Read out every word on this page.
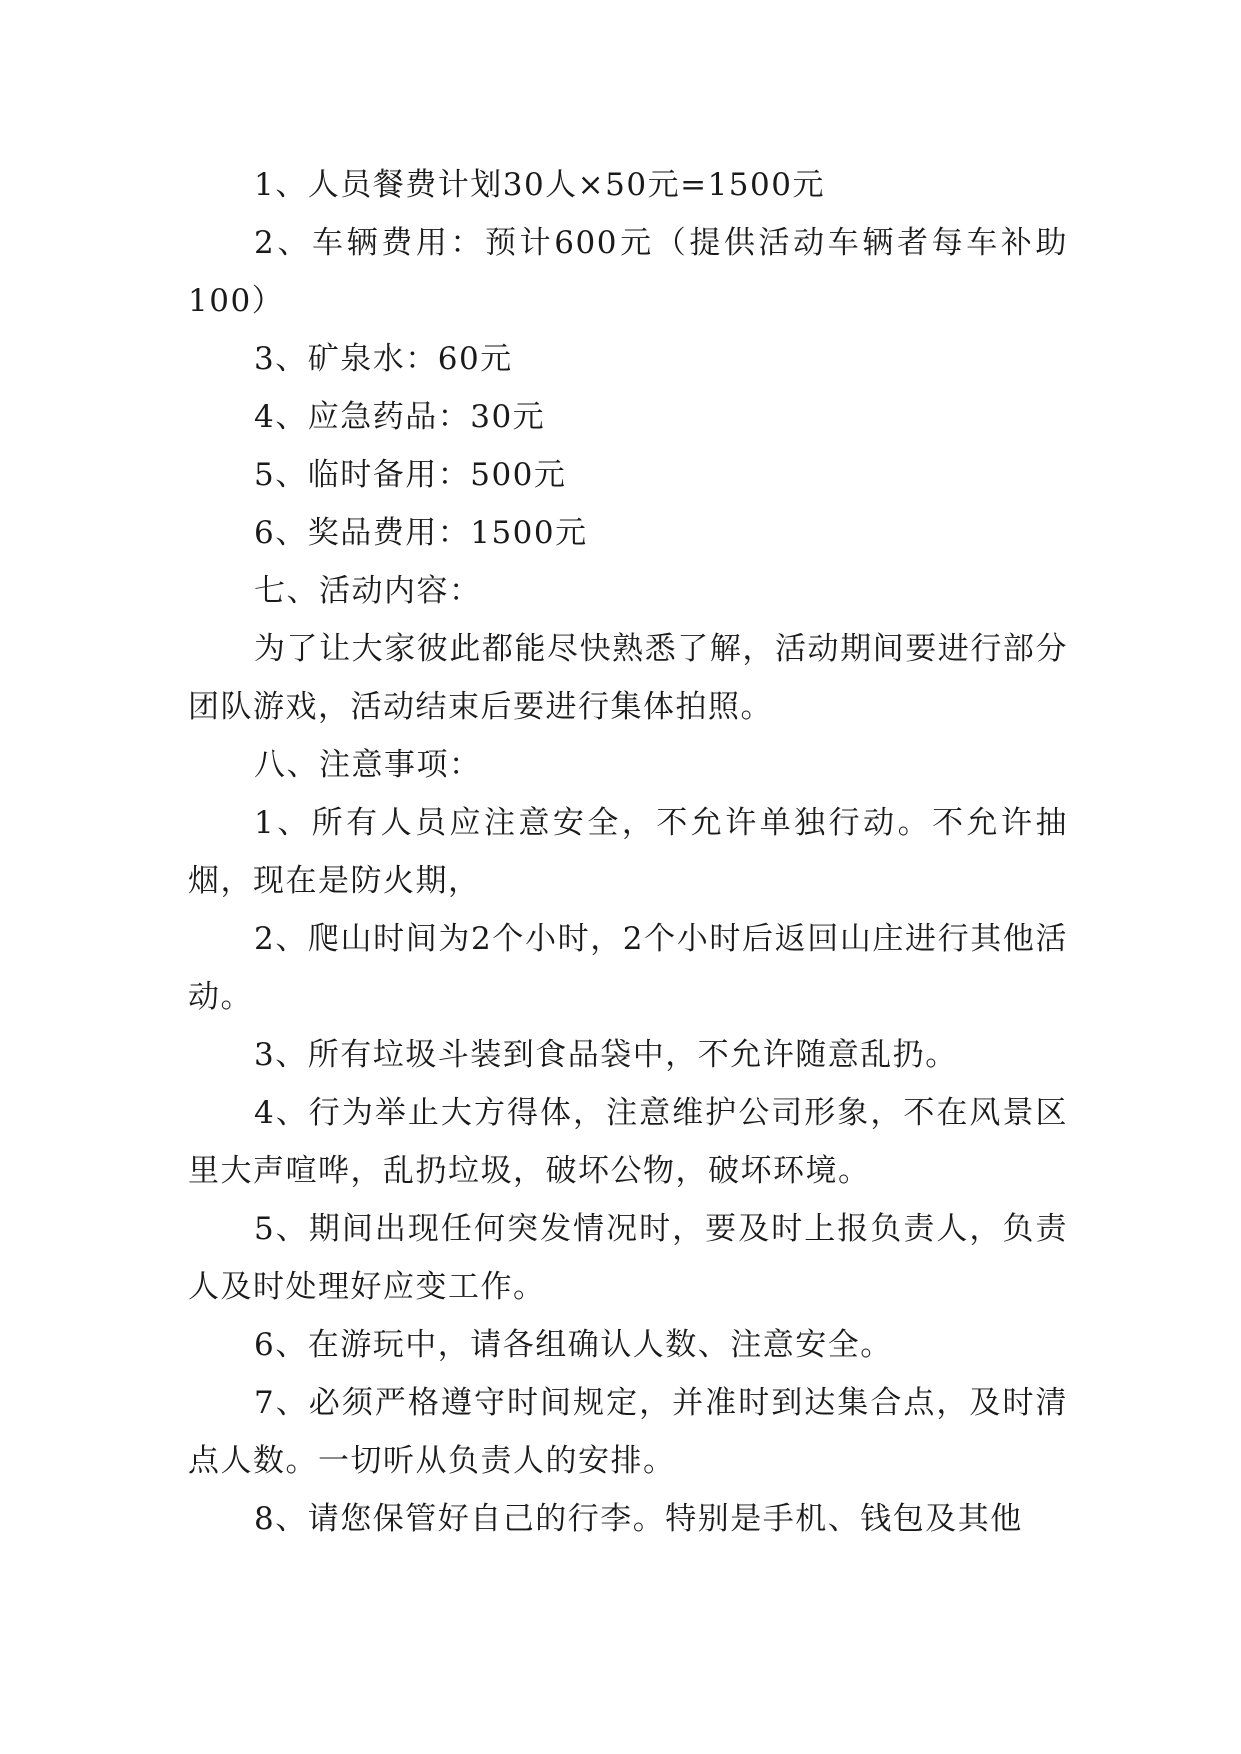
1、人员餐费计划30人×50元=1500元

2、车辆费用：预计600元（提供活动车辆者每车补助100）

3、矿泉水：60元

4、应急药品：30元

5、临时备用：500元

6、奖品费用：1500元

七、活动内容：

为了让大家彼此都能尽快熟悉了解，活动期间要进行部分团队游戏，活动结束后要进行集体拍照。

八、注意事项：

1、所有人员应注意安全，不允许单独行动。不允许抽烟，现在是防火期，

2、爬山时间为2个小时，2个小时后返回山庄进行其他活动。

3、所有垃圾斗装到食品袋中，不允许随意乱扔。

4、行为举止大方得体，注意维护公司形象，不在风景区里大声喧哗，乱扔垃圾，破坏公物，破坏环境。

5、期间出现任何突发情况时，要及时上报负责人，负责人及时处理好应变工作。

6、在游玩中，请各组确认人数、注意安全。

7、必须严格遵守时间规定，并准时到达集合点，及时清点人数。一切听从负责人的安排。

8、请您保管好自己的行李。特别是手机、钱包及其他
